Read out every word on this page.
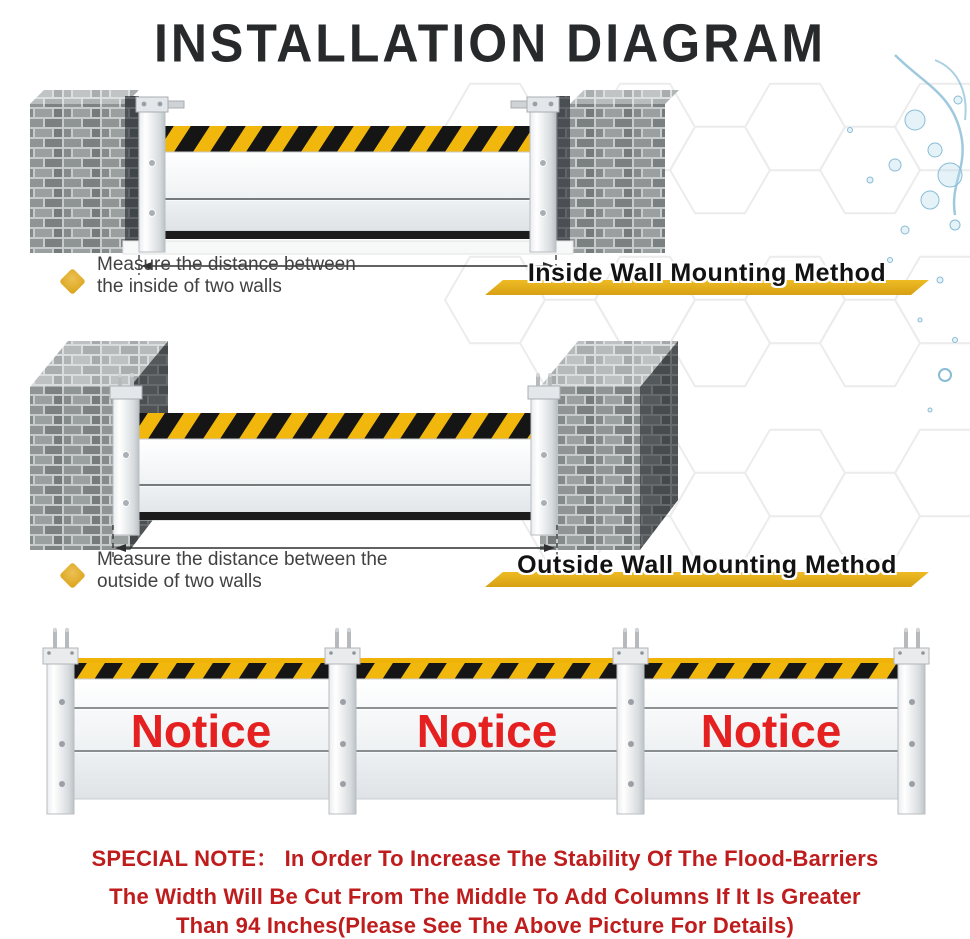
INSTALLATION DIAGRAM
Measure the distance between
the inside of two walls	Inside Wall Mounting Method
Measure the distance between the
outside of two walls
Outside Wall Mounting Method
Notice	Notice	Notice
SPECIAL NOTE： In Order To Increase The Stability Of The Flood-Barriers
The Width Will Be Cut From The Middle To Add Columns If It Is Greater
Than 94 Inches(Please See The Above Picture For Details)
